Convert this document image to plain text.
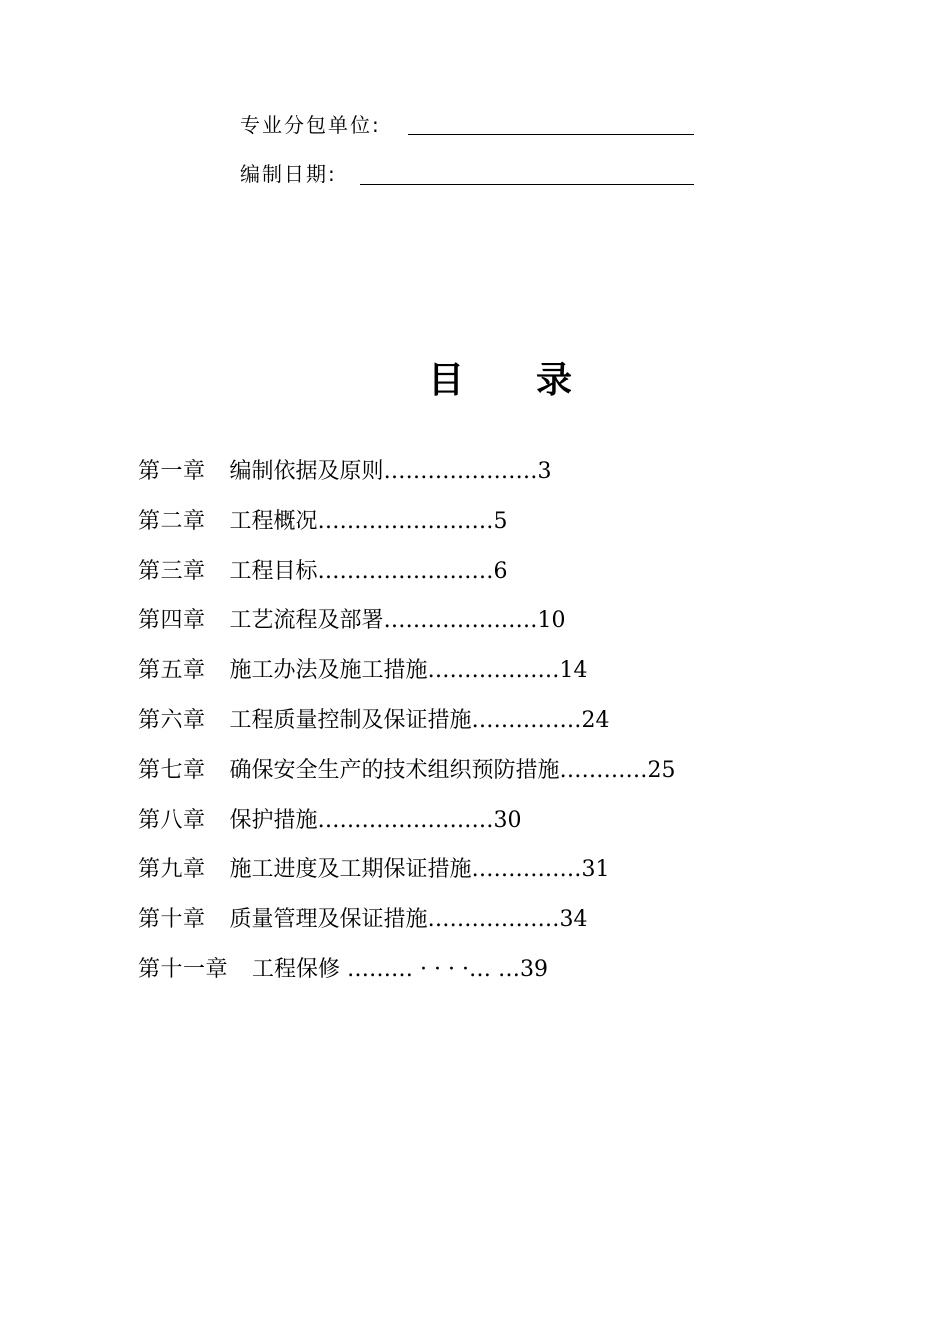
专业分包单位:
编制日期:
目　　录
第一章 编制依据及原则…………………3
第二章 工程概况……………………5
第三章 工程目标……………………6
第四章 工艺流程及部署…………………10
第五章 施工办法及施工措施………………14
第六章 工程质量控制及保证措施……………24
第七章 确保安全生产的技术组织预防措施…………25
第八章 保护措施……………………30
第九章 施工进度及工期保证措施……………31
第十章 质量管理及保证措施………………34
第十一章 工程保修 ……… · · · ·… …39
